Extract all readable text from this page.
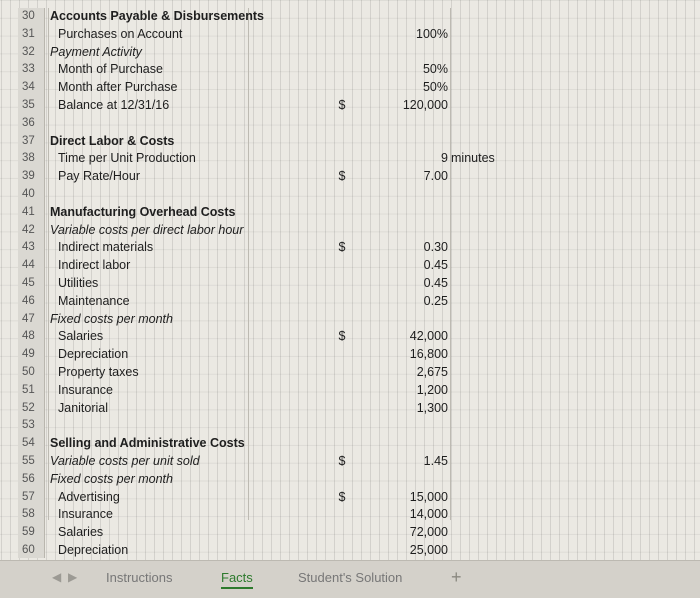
30	Accounts Payable & Disbursements
31	Purchases on Account	100%
32	Payment Activity
33	Month of Purchase	50%
34	Month after Purchase	50%
35	Balance at 12/31/16	$	120,000
36
37	Direct Labor & Costs
38	Time per Unit Production	9 minutes
39	Pay Rate/Hour	$	7.00
40
41	Manufacturing Overhead Costs
42	Variable costs per direct labor hour
43	Indirect materials	$	0.30
44	Indirect labor	0.45
45	Utilities	0.45
46	Maintenance	0.25
47	Fixed costs per month
48	Salaries	$	42,000
49	Depreciation	16,800
50	Property taxes	2,675
51	Insurance	1,200
52	Janitorial	1,300
53
54	Selling and Administrative Costs
55	Variable costs per unit sold	$	1.45
56	Fixed costs per month
57	Advertising	$	15,000
58	Insurance	14,000
59	Salaries	72,000
60	Depreciation	25,000
◀ ▶ Instructions	Facts	Student's Solution	+
